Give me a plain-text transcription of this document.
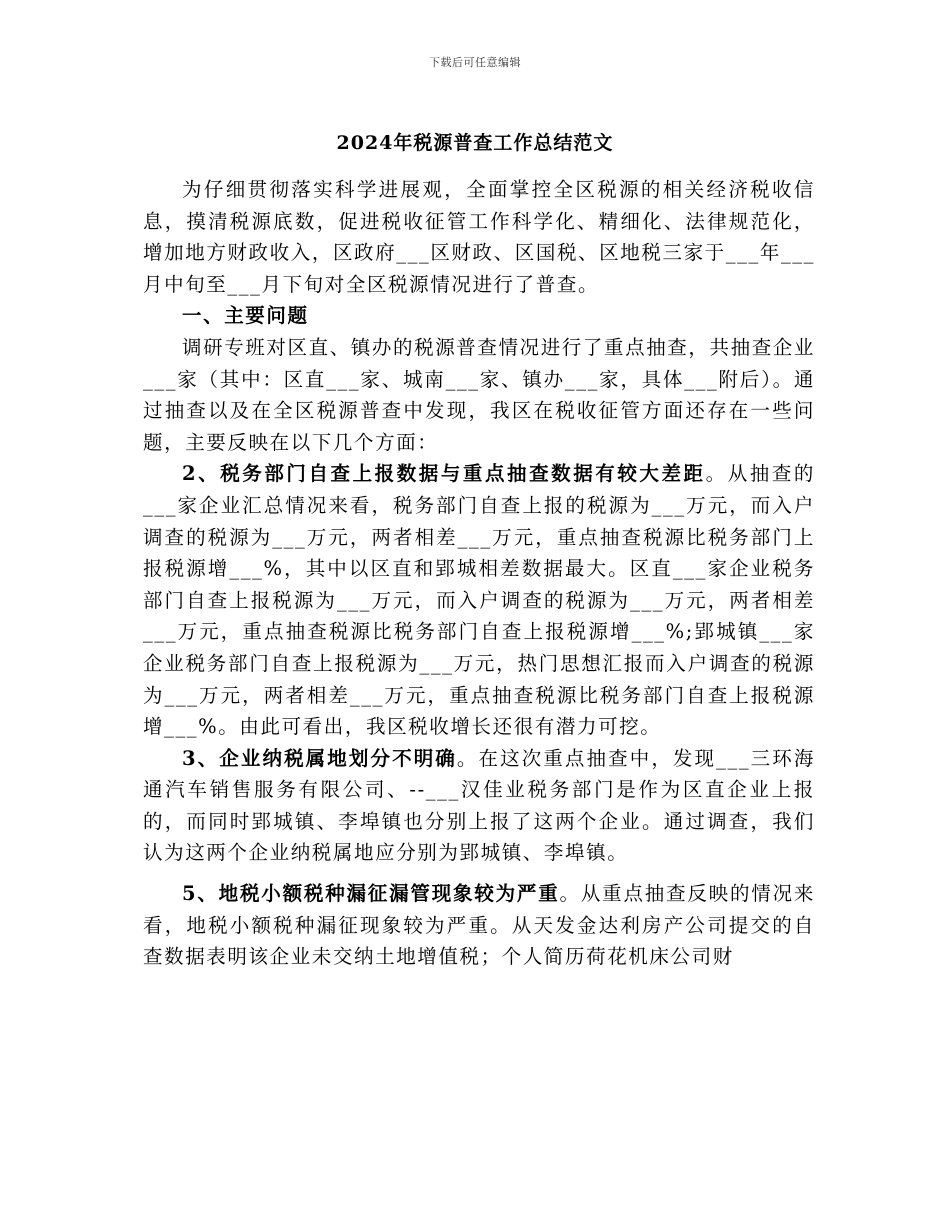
下载后可任意编辑
2024年税源普查工作总结范文

为仔细贯彻落实科学进展观，全面掌控全区税源的相关经济税收信息，摸清税源底数，促进税收征管工作科学化、精细化、法律规范化，增加地方财政收入，区政府___区财政、区国税、区地税三家于___年___月中旬至___月下旬对全区税源情况进行了普查。

一、主要问题

调研专班对区直、镇办的税源普查情况进行了重点抽查，共抽查企业___家（其中：区直___家、城南___家、镇办___家，具体___附后）。通过抽查以及在全区税源普查中发现，我区在税收征管方面还存在一些问题，主要反映在以下几个方面：

2、税务部门自查上报数据与重点抽查数据有较大差距。从抽查的___家企业汇总情况来看，税务部门自查上报的税源为___万元，而入户调查的税源为___万元，两者相差___万元，重点抽查税源比税务部门上报税源增___%，其中以区直和郢城相差数据最大。区直___家企业税务部门自查上报税源为___万元，而入户调查的税源为___万元，两者相差___万元，重点抽查税源比税务部门自查上报税源增___%;郢城镇___家企业税务部门自查上报税源为___万元，热门思想汇报而入户调查的税源为___万元，两者相差___万元，重点抽查税源比税务部门自查上报税源增___%。由此可看出，我区税收增长还很有潜力可挖。

3、企业纳税属地划分不明确。在这次重点抽查中，发现___三环海通汽车销售服务有限公司、--___汉佳业税务部门是作为区直企业上报的，而同时郢城镇、李埠镇也分别上报了这两个企业。通过调查，我们认为这两个企业纳税属地应分别为郢城镇、李埠镇。

5、地税小额税种漏征漏管现象较为严重。从重点抽查反映的情况来看，地税小额税种漏征现象较为严重。从天发金达利房产公司提交的自查数据表明该企业未交纳土地增值税；个人简历荷花机床公司财
